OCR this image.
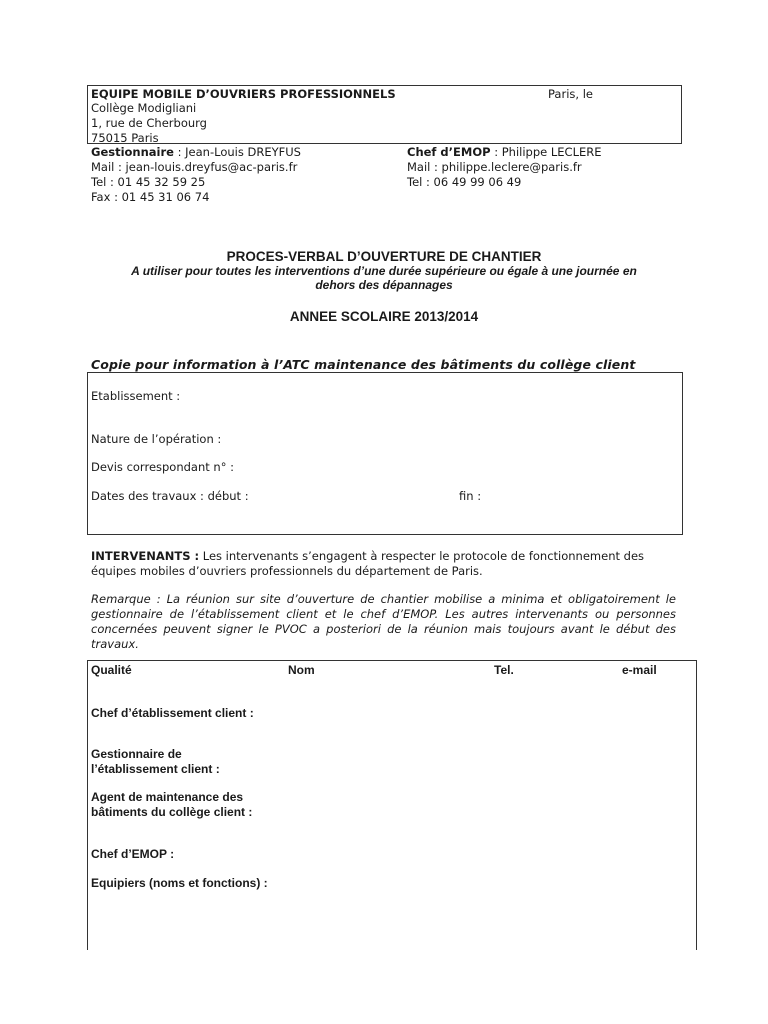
EQUIPE MOBILE D’OUVRIERS PROFESSIONNELS	Paris, le
Collège Modigliani
1, rue de Cherbourg
75015 Paris
Gestionnaire : Jean-Louis DREYFUS
Mail : jean-louis.dreyfus@ac-paris.fr
Tel : 01 45 32 59 25
Fax : 01 45 31 06 74
Chef d’EMOP : Philippe LECLERE
Mail : philippe.leclere@paris.fr
Tel : 06 49 99 06 49
PROCES-VERBAL D’OUVERTURE DE CHANTIER
A utiliser pour toutes les interventions d’une durée supérieure ou égale à une journée en dehors des dépannages
ANNEE SCOLAIRE 2013/2014
Copie pour information à l’ATC maintenance des bâtiments du collège client
Etablissement :
Nature de l’opération :
Devis correspondant n° :
Dates des travaux : début :	fin :
INTERVENANTS : Les intervenants s’engagent à respecter le protocole de fonctionnement des équipes mobiles d’ouvriers professionnels du département de Paris.
Remarque : La réunion sur site d’ouverture de chantier mobilise a minima et obligatoirement le gestionnaire de l’établissement client et le chef d’EMOP. Les autres intervenants ou personnes concernées peuvent signer le PVOC a posteriori de la réunion mais toujours avant le début des travaux.
Qualité	Nom	Tel.	e-mail
Chef d’établissement client :
Gestionnaire de
l’établissement client :
Agent de maintenance des
bâtiments du collège client :
Chef d’EMOP :
Equipiers (noms et fonctions) :
